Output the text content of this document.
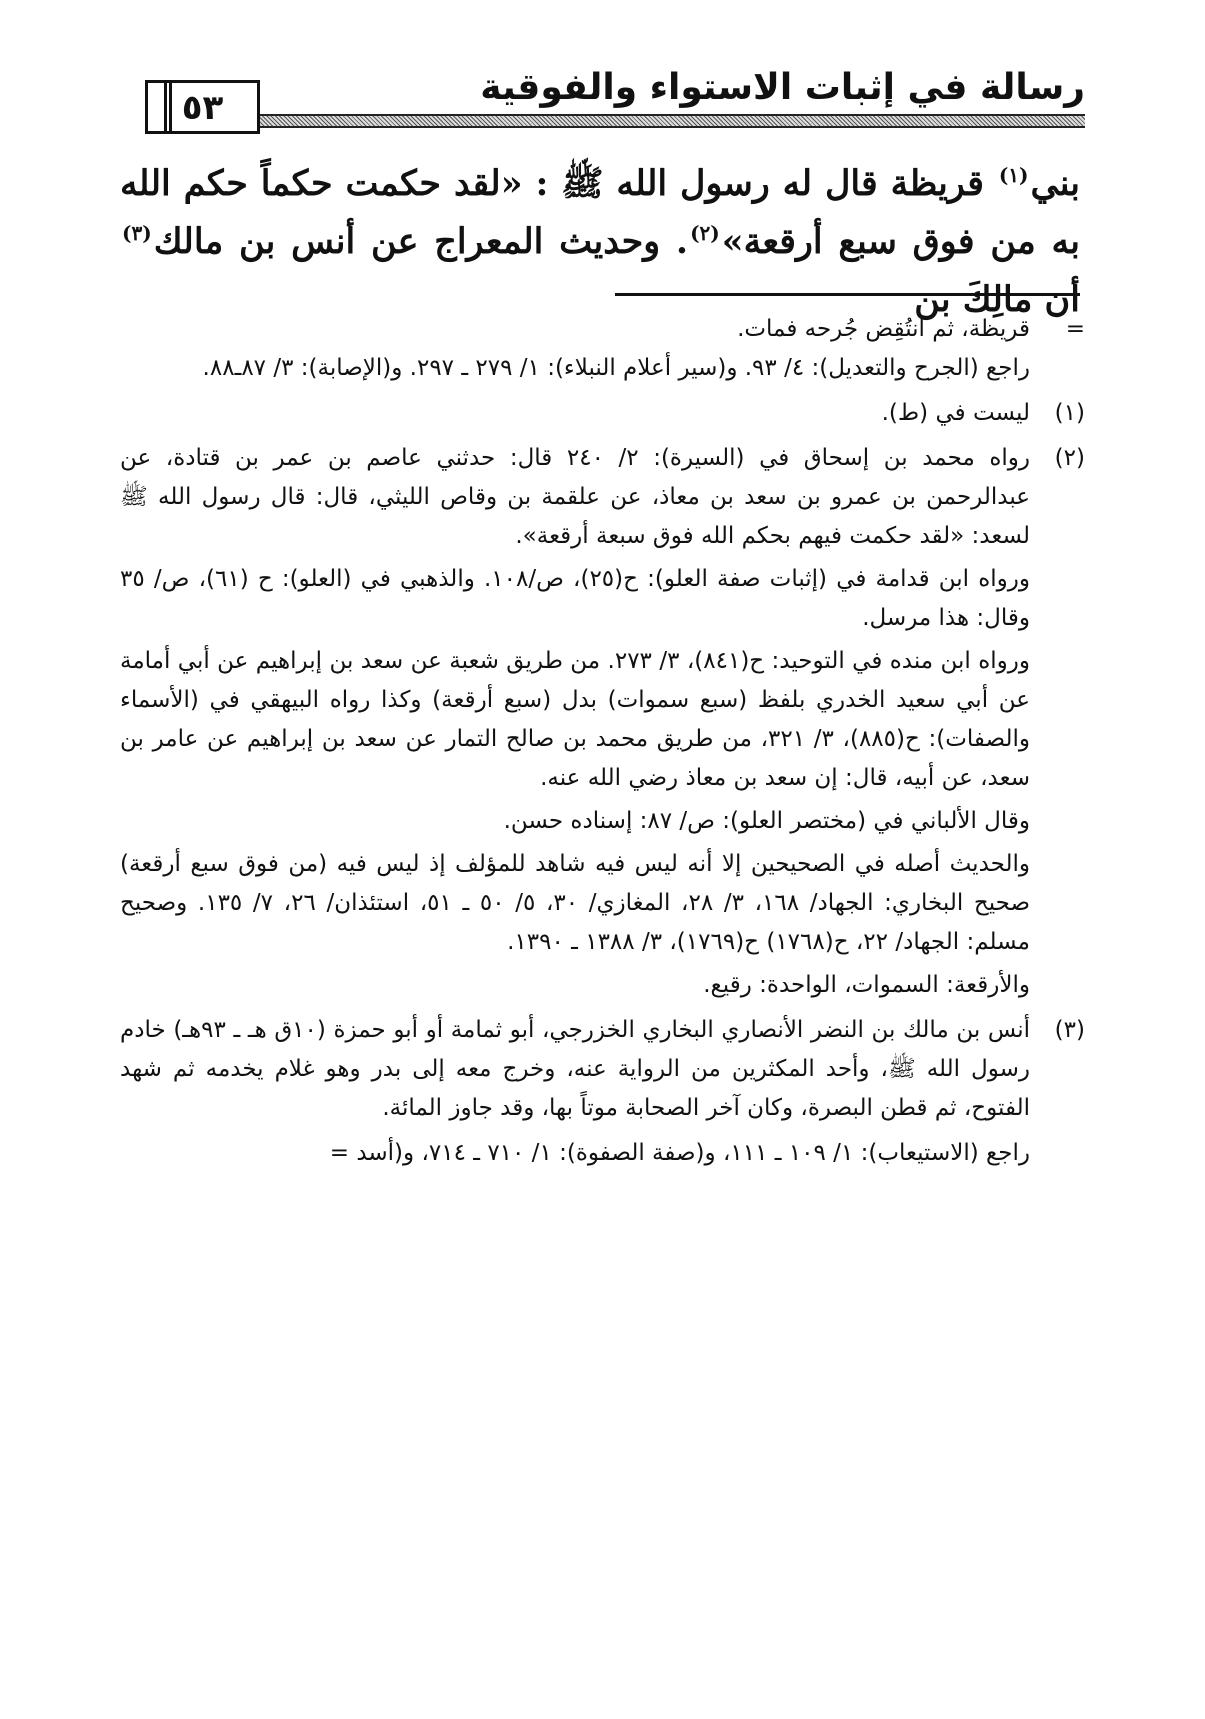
رسالة في إثبات الاستواء والفوقية
٥٣

بني$^{(١)}$ قريظة قال له رسول الله ﷺ : «لقد حكمت حكماً حكم الله به من فوق سبع أرقعة»$^{(٢)}$. وحديث المعراج عن أنس بن مالك$^{(٣)}$ أن مالِكَ بن

=
قريظة، ثم انتُقِض جُرحه فمات.
راجع (الجرح والتعديل): ٤/ ٩٣. و(سير أعلام النبلاء): ١/ ٢٧٩ ـ ٢٩٧. و(الإصابة): ٣/ ٨٧ـ٨٨.
(١)
ليست في (ط).
(٢)
رواه محمد بن إسحاق في (السيرة): ٢/ ٢٤٠ قال: حدثني عاصم بن عمر بن قتادة، عن عبدالرحمن بن عمرو بن سعد بن معاذ، عن علقمة بن وقاص الليثي، قال: قال رسول الله ﷺ لسعد: «لقد حكمت فيهم بحكم الله فوق سبعة أرقعة».
ورواه ابن قدامة في (إثبات صفة العلو): ح(٢٥)، ص/١٠٨. والذهبي في (العلو): ح (٦١)، ص/ ٣٥ وقال: هذا مرسل.
ورواه ابن منده في التوحيد: ح(٨٤١)، ٣/ ٢٧٣. من طريق شعبة عن سعد بن إبراهيم عن أبي أمامة عن أبي سعيد الخدري بلفظ (سبع سموات) بدل (سبع أرقعة) وكذا رواه البيهقي في (الأسماء والصفات): ح(٨٨٥)، ٣/ ٣٢١، من طريق محمد بن صالح التمار عن سعد بن إبراهيم عن عامر بن سعد، عن أبيه، قال: إن سعد بن معاذ رضي الله عنه.
وقال الألباني في (مختصر العلو): ص/ ٨٧: إسناده حسن.
والحديث أصله في الصحيحين إلا أنه ليس فيه شاهد للمؤلف إذ ليس فيه (من فوق سبع أرقعة) صحيح البخاري: الجهاد/ ١٦٨، ٣/ ٢٨، المغازي/ ٣٠، ٥/ ٥٠ ـ ٥١، استئذان/ ٢٦، ٧/ ١٣٥. وصحيح مسلم: الجهاد/ ٢٢، ح(١٧٦٨) ح(١٧٦٩)، ٣/ ١٣٨٨ ـ ١٣٩٠.
والأرقعة: السموات، الواحدة: رقيع.
(٣)
أنس بن مالك بن النضر الأنصاري البخاري الخزرجي، أبو ثمامة أو أبو حمزة (١٠ق هـ ـ ٩٣هـ) خادم رسول الله ﷺ، وأحد المكثرين من الرواية عنه، وخرج معه إلى بدر وهو غلام يخدمه ثم شهد الفتوح، ثم قطن البصرة، وكان آخر الصحابة موتاً بها، وقد جاوز المائة.
راجع (الاستيعاب): ١/ ١٠٩ ـ ١١١، و(صفة الصفوة): ١/ ٧١٠ ـ ٧١٤، و(أسد =
